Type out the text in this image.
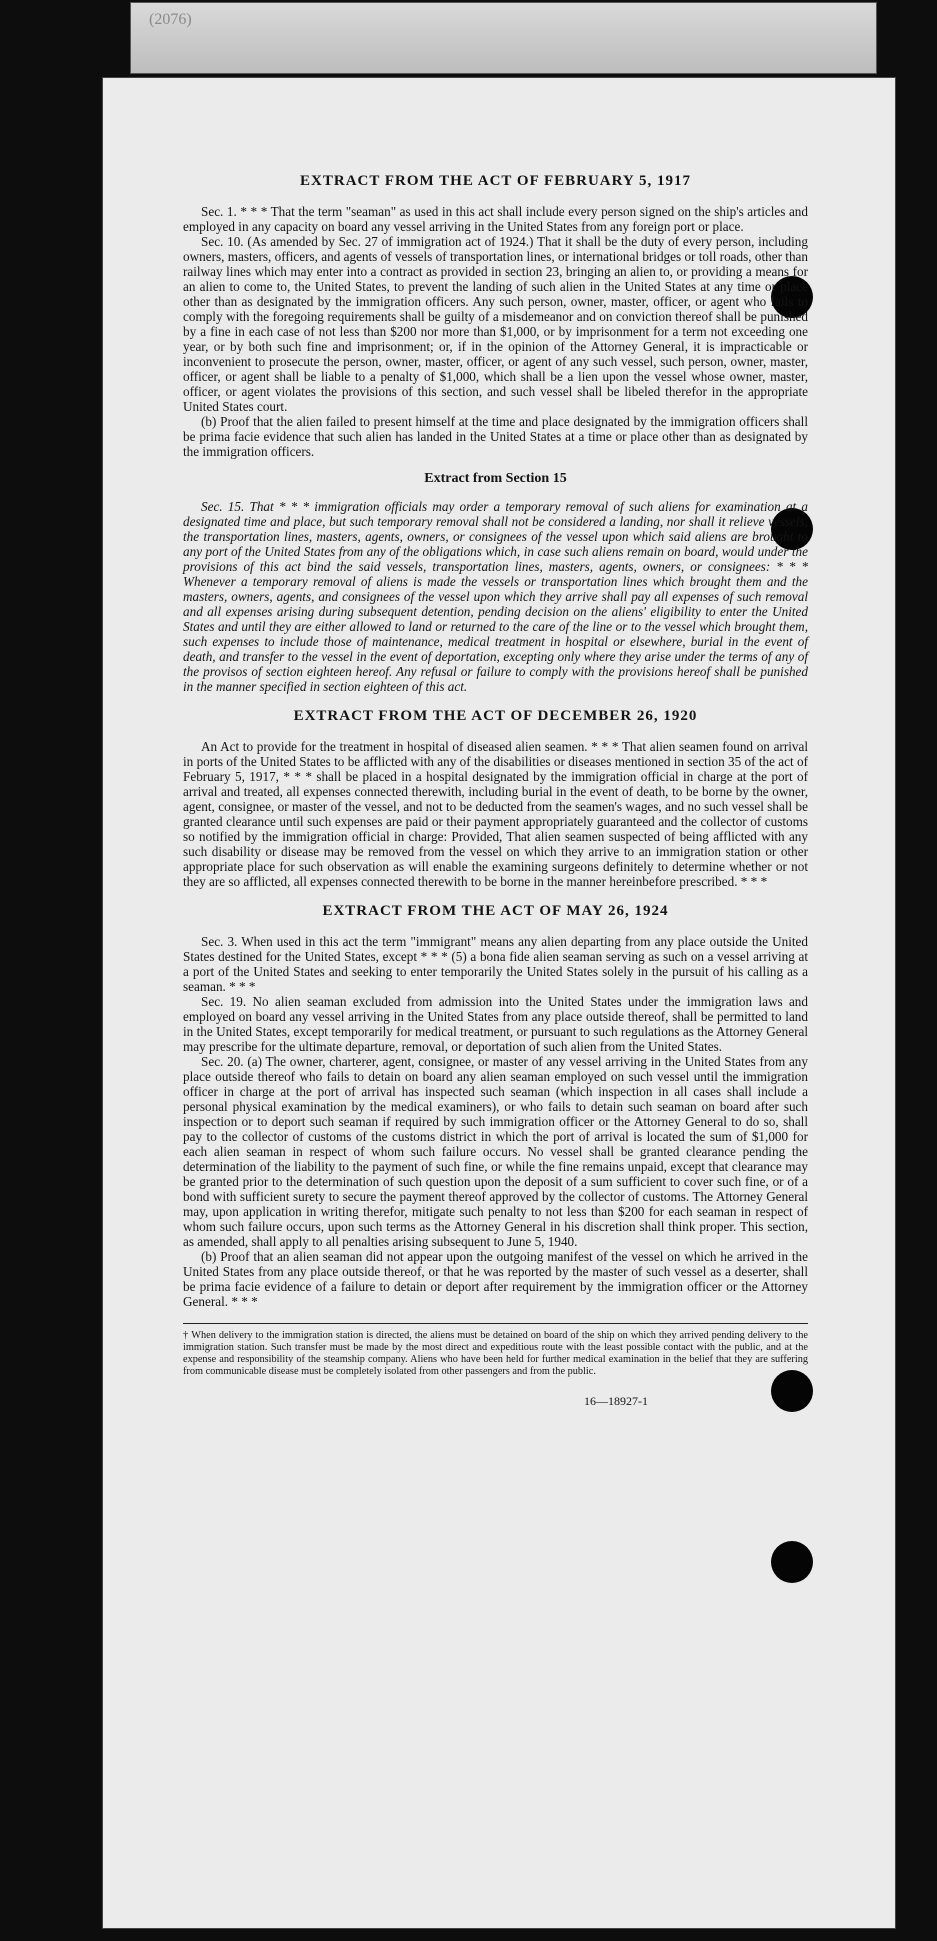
(2076)
EXTRACT FROM THE ACT OF FEBRUARY 5, 1917

Sec. 1. * * * That the term "seaman" as used in this act shall include every person signed on the ship's articles and employed in any capacity on board any vessel arriving in the United States from any foreign port or place.

Sec. 10. (As amended by Sec. 27 of immigration act of 1924.) That it shall be the duty of every person, including owners, masters, officers, and agents of vessels of transportation lines, or international bridges or toll roads, other than railway lines which may enter into a contract as provided in section 23, bringing an alien to, or providing a means for an alien to come to, the United States, to prevent the landing of such alien in the United States at any time or place other than as designated by the immigration officers. Any such person, owner, master, officer, or agent who fails to comply with the foregoing requirements shall be guilty of a misdemeanor and on conviction thereof shall be punished by a fine in each case of not less than $200 nor more than $1,000, or by imprisonment for a term not exceeding one year, or by both such fine and imprisonment; or, if in the opinion of the Attorney General, it is impracticable or inconvenient to prosecute the person, owner, master, officer, or agent of any such vessel, such person, owner, master, officer, or agent shall be liable to a penalty of $1,000, which shall be a lien upon the vessel whose owner, master, officer, or agent violates the provisions of this section, and such vessel shall be libeled therefor in the appropriate United States court.

(b) Proof that the alien failed to present himself at the time and place designated by the immigration officers shall be prima facie evidence that such alien has landed in the United States at a time or place other than as designated by the immigration officers.

Extract from Section 15

Sec. 15. That * * * immigration officials may order a temporary removal of such aliens for examination at a designated time and place, but such temporary removal shall not be considered a landing, nor shall it relieve vessels, the transportation lines, masters, agents, owners, or consignees of the vessel upon which said aliens are brought to any port of the United States from any of the obligations which, in case such aliens remain on board, would under the provisions of this act bind the said vessels, transportation lines, masters, agents, owners, or consignees: * * * Whenever a temporary removal of aliens is made the vessels or transportation lines which brought them and the masters, owners, agents, and consignees of the vessel upon which they arrive shall pay all expenses of such removal and all expenses arising during subsequent detention, pending decision on the aliens' eligibility to enter the United States and until they are either allowed to land or returned to the care of the line or to the vessel which brought them, such expenses to include those of maintenance, medical treatment in hospital or elsewhere, burial in the event of death, and transfer to the vessel in the event of deportation, excepting only where they arise under the terms of any of the provisos of section eighteen hereof. Any refusal or failure to comply with the provisions hereof shall be punished in the manner specified in section eighteen of this act.

EXTRACT FROM THE ACT OF DECEMBER 26, 1920

An Act to provide for the treatment in hospital of diseased alien seamen. * * * That alien seamen found on arrival in ports of the United States to be afflicted with any of the disabilities or diseases mentioned in section 35 of the act of February 5, 1917, * * * shall be placed in a hospital designated by the immigration official in charge at the port of arrival and treated, all expenses connected therewith, including burial in the event of death, to be borne by the owner, agent, consignee, or master of the vessel, and not to be deducted from the seamen's wages, and no such vessel shall be granted clearance until such expenses are paid or their payment appropriately guaranteed and the collector of customs so notified by the immigration official in charge: Provided, That alien seamen suspected of being afflicted with any such disability or disease may be removed from the vessel on which they arrive to an immigration station or other appropriate place for such observation as will enable the examining surgeons definitely to determine whether or not they are so afflicted, all expenses connected therewith to be borne in the manner hereinbefore prescribed. * * *

EXTRACT FROM THE ACT OF MAY 26, 1924

Sec. 3. When used in this act the term "immigrant" means any alien departing from any place outside the United States destined for the United States, except * * * (5) a bona fide alien seaman serving as such on a vessel arriving at a port of the United States and seeking to enter temporarily the United States solely in the pursuit of his calling as a seaman. * * *

Sec. 19. No alien seaman excluded from admission into the United States under the immigration laws and employed on board any vessel arriving in the United States from any place outside thereof, shall be permitted to land in the United States, except temporarily for medical treatment, or pursuant to such regulations as the Attorney General may prescribe for the ultimate departure, removal, or deportation of such alien from the United States.

Sec. 20. (a) The owner, charterer, agent, consignee, or master of any vessel arriving in the United States from any place outside thereof who fails to detain on board any alien seaman employed on such vessel until the immigration officer in charge at the port of arrival has inspected such seaman (which inspection in all cases shall include a personal physical examination by the medical examiners), or who fails to detain such seaman on board after such inspection or to deport such seaman if required by such immigration officer or the Attorney General to do so, shall pay to the collector of customs of the customs district in which the port of arrival is located the sum of $1,000 for each alien seaman in respect of whom such failure occurs. No vessel shall be granted clearance pending the determination of the liability to the payment of such fine, or while the fine remains unpaid, except that clearance may be granted prior to the determination of such question upon the deposit of a sum sufficient to cover such fine, or of a bond with sufficient surety to secure the payment thereof approved by the collector of customs. The Attorney General may, upon application in writing therefor, mitigate such penalty to not less than $200 for each seaman in respect of whom such failure occurs, upon such terms as the Attorney General in his discretion shall think proper. This section, as amended, shall apply to all penalties arising subsequent to June 5, 1940.

(b) Proof that an alien seaman did not appear upon the outgoing manifest of the vessel on which he arrived in the United States from any place outside thereof, or that he was reported by the master of such vessel as a deserter, shall be prima facie evidence of a failure to detain or deport after requirement by the immigration officer or the Attorney General. * * *

† When delivery to the immigration station is directed, the aliens must be detained on board of the ship on which they arrived pending delivery to the immigration station. Such transfer must be made by the most direct and expeditious route with the least possible contact with the public, and at the expense and responsibility of the steamship company. Aliens who have been held for further medical examination in the belief that they are suffering from communicable disease must be completely isolated from other passengers and from the public.
16—18927-1
